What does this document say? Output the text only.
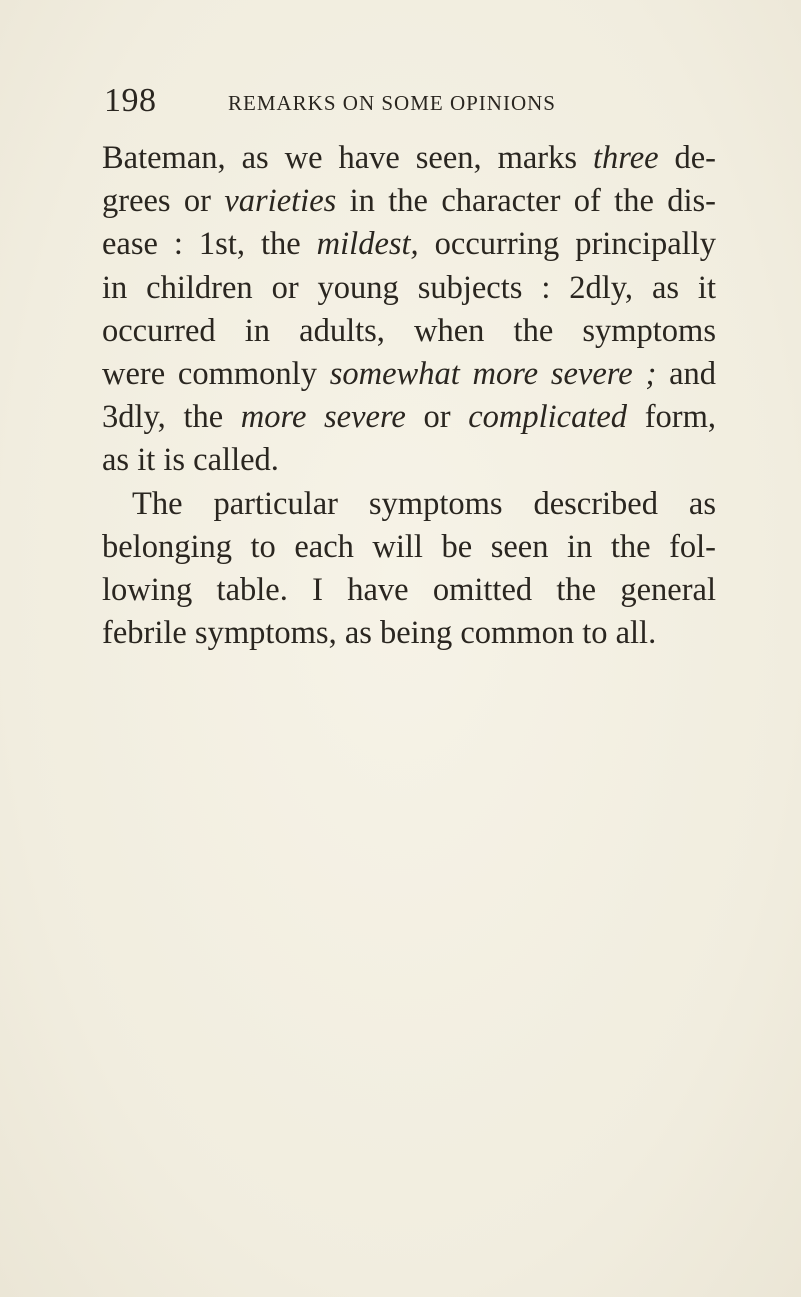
198	REMARKS ON SOME OPINIONS
Bateman, as we have seen, marks three de-
grees or varieties in the character of the dis-
ease : 1st, the mildest, occurring principally
in children or young subjects : 2dly, as it
occurred in adults, when the symptoms
were commonly somewhat more severe ; and
3dly, the more severe or complicated form,
as it is called.
The particular symptoms described as
belonging to each will be seen in the fol-
lowing table. I have omitted the general
febrile symptoms, as being common to all.
